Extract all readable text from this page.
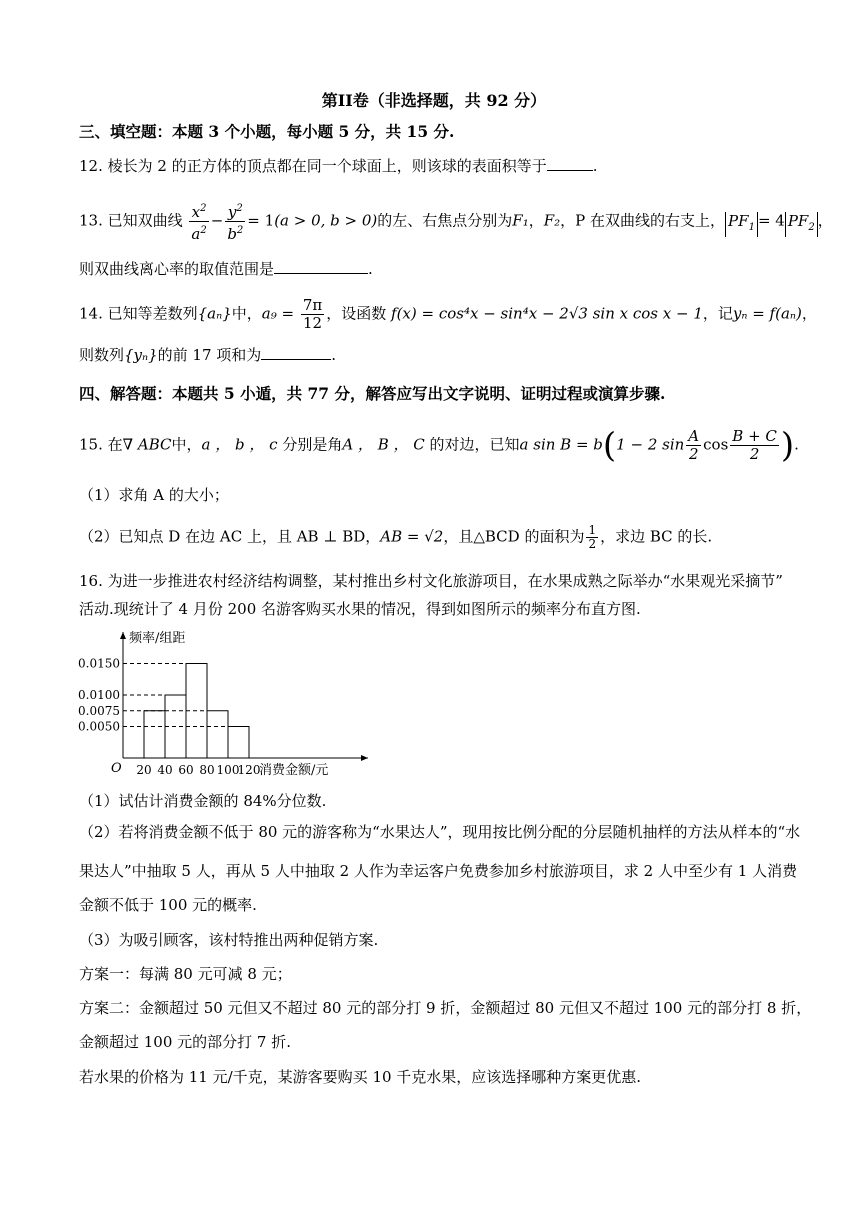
第II卷（非选择题，共 92 分）
三、填空题：本题 3 个小题，每小题 5 分，共 15 分.
12. 棱长为 2 的正方体的顶点都在同一个球面上，则该球的表面积等于	.
13. 已知双曲线 $\frac{x^2}{a^2} - \frac{y^2}{b^2} = 1(a > 0$, b > 0)的左、右焦点分别为F₁，F₂，P 在双曲线的右支上， $PF_1 = 4$ $PF_2$ ，
则双曲线离心率的取值范围是	.
14. 已知等差数列{aₙ}中，$a_9 = \frac{7\pi}{12}$ ，设函数 f(x) = cos⁴x − sin⁴x − 2√3 sin x cos x − 1，记yₙ = f(aₙ)，
则数列{yₙ}的前 17 项和为	.
四、解答题：本题共 5 小遁，共 77 分，解答应写出文字说明、证明过程或演算步骤.
15. 在∇ ABC中，a ， b ， c 分别是角A ， B ， C 的对边，已知a sin B = b(1 − 2 $\sin \frac{A}{2}$ $\cos \frac{B + C}{2}$ ).
（1）求角 A 的大小；
（2）已知点 D 在边 AC 上，且 AB ⊥ BD，AB = √2，且△BCD 的面积为 $\frac{1}{2}$ ，求边 BC 的长.
16. 为进一步推进农村经济结构调整，某村推出乡村文化旅游项目，在水果成熟之际举办“水果观光采摘节”
活动.现统计了 4 月份 200 名游客购买水果的情况，得到如图所示的频率分布直方图.
0.0050
0.0075
0.0100
0.0150
20 40 60 80 100
120
O
频率/组距
消费金额/元
（1）试估计消费金额的 84%分位数.
（2）若将消费金额不低于 80 元的游客称为“水果达人”，现用按比例分配的分层随机抽样的方法从样本的“水
果达人”中抽取 5 人，再从 5 人中抽取 2 人作为幸运客户免费参加乡村旅游项目，求 2 人中至少有 1 人消费
金额不低于 100 元的概率.
（3）为吸引顾客，该村特推出两种促销方案.
方案一：每满 80 元可减 8 元；
方案二：金额超过 50 元但又不超过 80 元的部分打 9 折，金额超过 80 元但又不超过 100 元的部分打 8 折，
金额超过 100 元的部分打 7 折.
若水果的价格为 11 元/千克，某游客要购买 10 千克水果，应该选择哪种方案更优惠.
